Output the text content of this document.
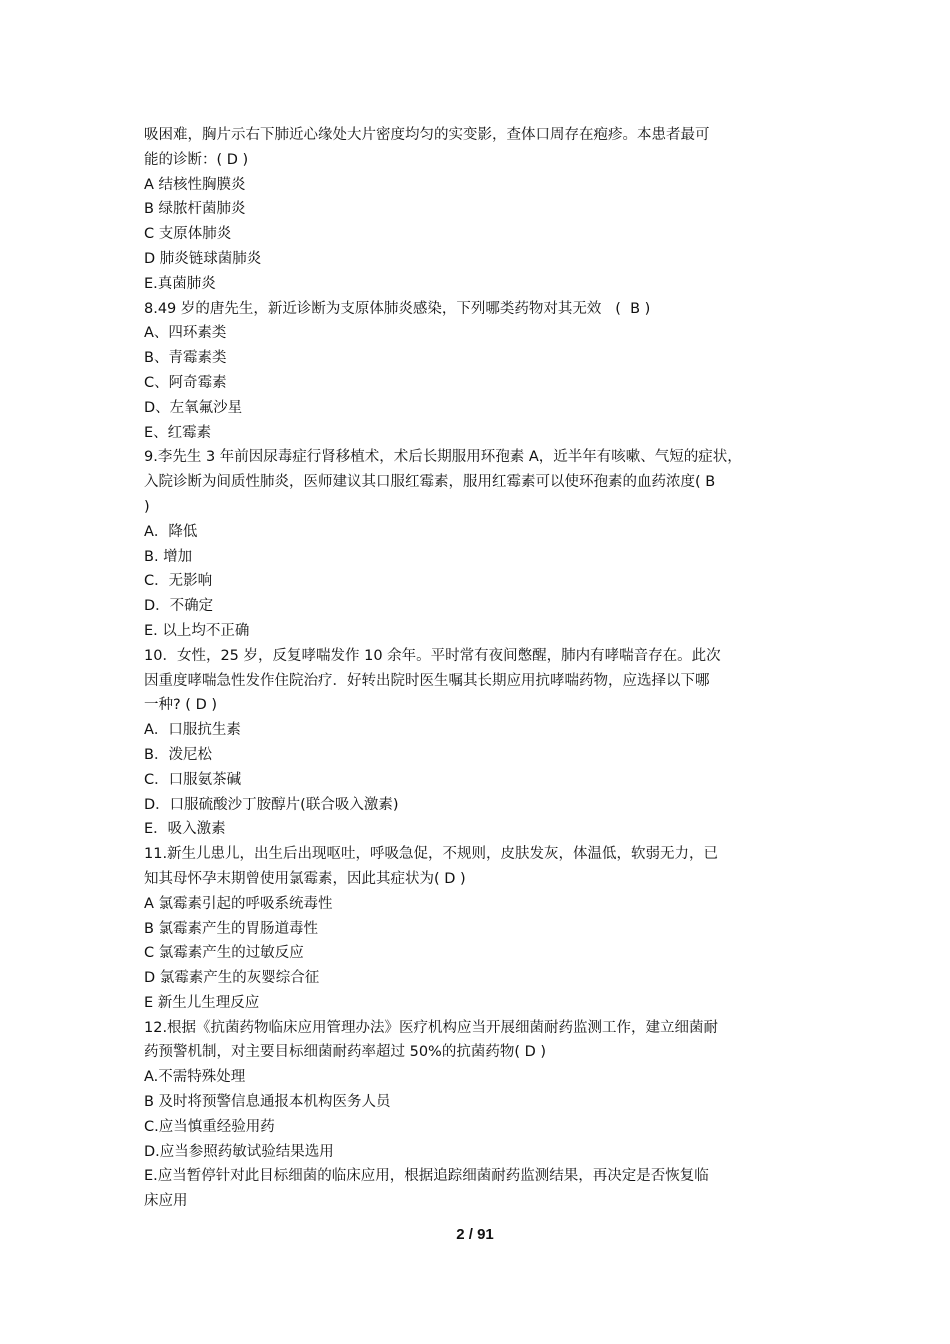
吸困难，胸片示右下肺近心缘处大片密度均匀的实变影，查体口周存在疱疹。本患者最可
能的诊断：( D )
A 结核性胸膜炎
B 绿脓杆菌肺炎
C 支原体肺炎
D 肺炎链球菌肺炎
E.真菌肺炎
8.49 岁的唐先生，新近诊断为支原体肺炎感染，下列哪类药物对其无效   (  B )
A、四环素类
B、青霉素类
C、阿奇霉素
D、左氧氟沙星
E、红霉素
9.李先生 3 年前因尿毒症行肾移植术，术后长期服用环孢素 A，近半年有咳嗽、气短的症状，
入院诊断为间质性肺炎，医师建议其口服红霉素，服用红霉素可以使环孢素的血药浓度( B
)
A．降低
B. 增加
C．无影响
D．不确定
E. 以上均不正确
10．女性，25 岁，反复哮喘发作 10 余年。平时常有夜间憋醒，肺内有哮喘音存在。此次
因重度哮喘急性发作住院治疗．好转出院时医生嘱其长期应用抗哮喘药物，应选择以下哪
一种? ( D )
A．口服抗生素
B．泼尼松
C．口服氨茶碱
D．口服硫酸沙丁胺醇片(联合吸入激素)
E．吸入激素
11.新生儿患儿，出生后出现呕吐，呼吸急促，不规则，皮肤发灰，体温低，软弱无力，已
知其母怀孕末期曾使用氯霉素，因此其症状为( D )
A 氯霉素引起的呼吸系统毒性
B 氯霉素产生的胃肠道毒性
C 氯霉素产生的过敏反应
D 氯霉素产生的灰婴综合征
E 新生儿生理反应
12.根据《抗菌药物临床应用管理办法》医疗机构应当开展细菌耐药监测工作，建立细菌耐
药预警机制，对主要目标细菌耐药率超过 50%的抗菌药物( D )
A.不需特殊处理
B 及时将预警信息通报本机构医务人员
C.应当慎重经验用药
D.应当参照药敏试验结果选用
E.应当暂停针对此目标细菌的临床应用，根据追踪细菌耐药监测结果，再决定是否恢复临
床应用
2 / 91
